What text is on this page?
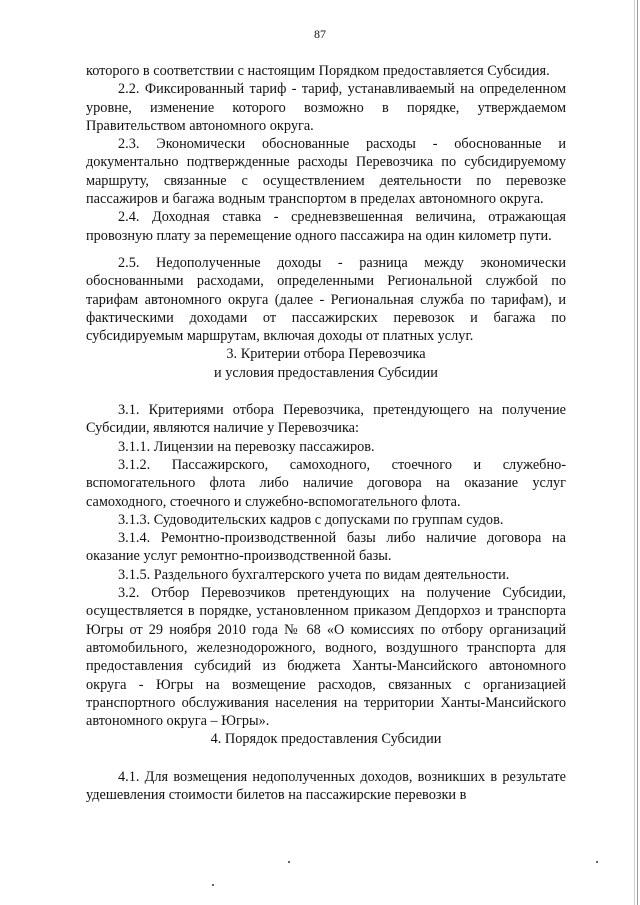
87

которого в соответствии с настоящим Порядком предоставляется Субсидия.

2.2. Фиксированный тариф - тариф, устанавливаемый на определенном уровне, изменение которого возможно в порядке, утверждаемом Правительством автономного округа.

2.3. Экономически обоснованные расходы - обоснованные и документально подтвержденные расходы Перевозчика по субсидируемому маршруту, связанные с осуществлением деятельности по перевозке пассажиров и багажа водным транспортом в пределах автономного округа.

2.4. Доходная ставка - средневзвешенная величина, отражающая провозную плату за перемещение одного пассажира на один километр пути.

2.5. Недополученные доходы - разница между экономически обоснованными расходами, определенными Региональной службой по тарифам автономного округа (далее - Региональная служба по тарифам), и фактическими доходами от пассажирских перевозок и багажа по субсидируемым маршрутам, включая доходы от платных услуг.

3. Критерии отбора Перевозчика

и условия предоставления Субсидии

3.1. Критериями отбора Перевозчика, претендующего на получение Субсидии, являются наличие у Перевозчика:

3.1.1. Лицензии на перевозку пассажиров.

3.1.2. Пассажирского, самоходного, стоечного и служебно-вспомогательного флота либо наличие договора на оказание услуг самоходного, стоечного и служебно-вспомогательного флота.

3.1.3. Судоводительских кадров с допусками по группам судов.

3.1.4. Ремонтно-производственной базы либо наличие договора на оказание услуг ремонтно-производственной базы.

3.1.5. Раздельного бухгалтерского учета по видам деятельности.

3.2. Отбор Перевозчиков претендующих на получение Субсидии, осуществляется в порядке, установленном приказом Депдорхоз и транспорта Югры от 29 ноября 2010 года № 68 «О комиссиях по отбору организаций автомобильного, железнодорожного, водного, воздушного транспорта для предоставления субсидий из бюджета Ханты-Мансийского автономного округа - Югры на возмещение расходов, связанных с организацией транспортного обслуживания населения на территории Ханты-Мансийского автономного округа – Югры».

4. Порядок предоставления Субсидии

4.1. Для возмещения недополученных доходов, возникших в результате удешевления стоимости билетов на пассажирские перевозки в
